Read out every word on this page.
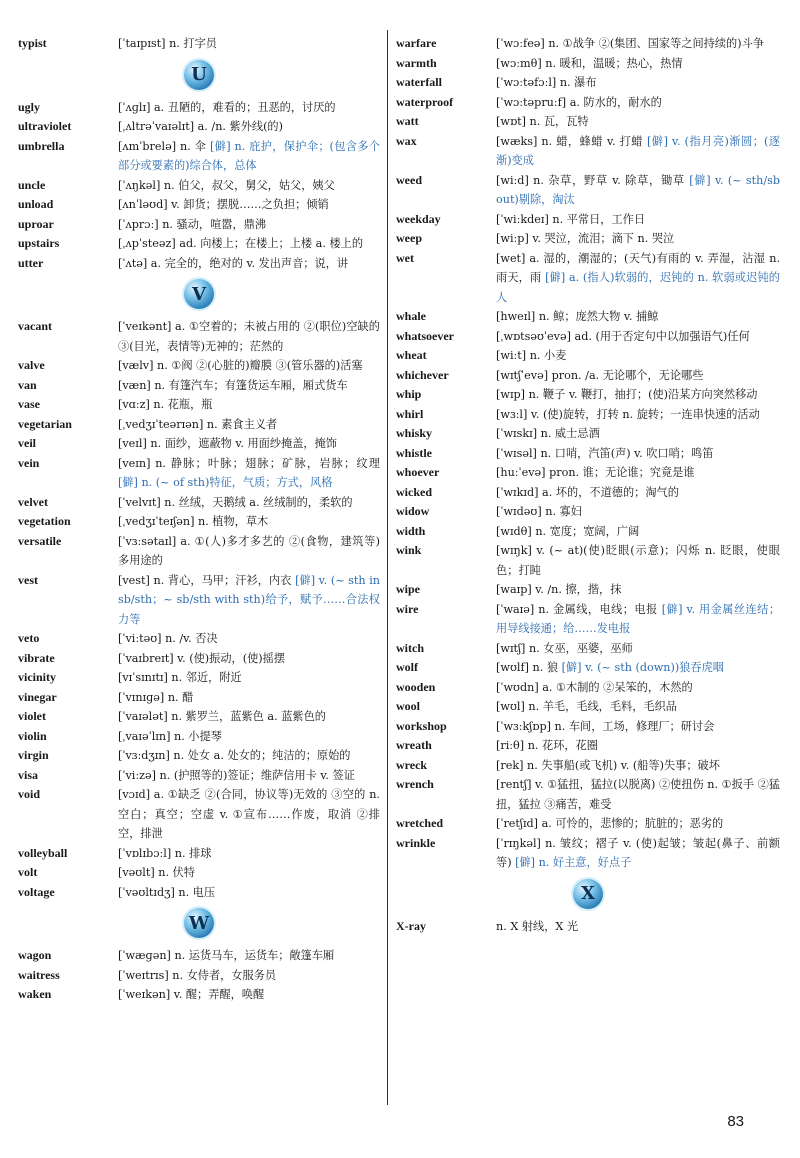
typist	[ˈtaɪpɪst] n. 打字员
U
ugly	[ˈʌɡlɪ] a. 丑陋的，难看的；丑恶的，讨厌的
ultraviolet	[ˌʌltrəˈvaɪəlɪt] a. /n. 紫外线(的)
umbrella	[ʌmˈbrelə] n. 伞 [僻] n. 庇护，保护伞；(包含多个部分或要素的)综合体，总体
uncle	[ˈʌŋkəl] n. 伯父，叔父，舅父，姑父，姨父
unload	[ʌnˈləʊd] v. 卸货；摆脱……之负担；倾销
uproar	[ˈʌprɔː] n. 骚动，喧嚣，鼎沸
upstairs	[ˌʌpˈsteəz] ad. 向楼上；在楼上；上楼 a. 楼上的
utter	[ˈʌtə] a. 完全的，绝对的 v. 发出声音；说，讲
V
vacant	[ˈveɪkənt] a. ①空着的；未被占用的 ②(职位)空缺的 ③(目光，表情等)无神的；茫然的
valve	[vælv] n. ①阀 ②(心脏的)瓣膜 ③(管乐器的)活塞
van	[væn] n. 有篷汽车；有篷货运车厢，厢式货车
vase	[vɑːz] n. 花瓶，瓶
vegetarian	[ˌvedʒɪˈteərɪən] n. 素食主义者
veil	[veɪl] n. 面纱，遮蔽物 v. 用面纱掩盖，掩饰
vein	[veɪn] n. 静脉；叶脉；翅脉；矿脉，岩脉；纹理 [僻] n. (~ of sth)特征，气质；方式，风格
velvet	[ˈvelvɪt] n. 丝绒，天鹅绒 a. 丝绒制的，柔软的
vegetation	[ˌvedʒɪˈteɪʃən] n. 植物，草木
versatile	[ˈvɜːsətaɪl] a. ①(人)多才多艺的 ②(食物，建筑等)多用途的
vest	[vest] n. 背心，马甲；汗衫，内衣 [僻] v. (~ sth in sb/sth；~ sb/sth with sth)给予，赋予……合法权力等
veto	[ˈviːtəʊ] n. /v. 否决
vibrate	[ˈvaɪbreɪt] v. (使)振动，(使)摇摆
vicinity	[vɪˈsɪnɪtɪ] n. 邻近，附近
vinegar	[ˈvɪnɪɡə] n. 醋
violet	[ˈvaɪələt] n. 紫罗兰，蓝紫色 a. 蓝紫色的
violin	[ˌvaɪəˈlɪn] n. 小提琴
virgin	[ˈvɜːdʒɪn] n. 处女 a. 处女的；纯洁的；原始的
visa	[ˈviːzə] n. (护照等的)签证；维萨信用卡 v. 签证
void	[vɔɪd] a. ①缺乏 ②(合同，协议等)无效的 ③空的 n. 空白；真空；空虚 v. ①宣布……作废，取消 ②排空，排泄
volleyball	[ˈvɒlɪbɔːl] n. 排球
volt	[vəʊlt] n. 伏特
voltage	[ˈvəʊltɪdʒ] n. 电压
W
wagon	[ˈwæɡən] n. 运货马车，运货车；敞篷车厢
waitress	[ˈweɪtrɪs] n. 女侍者，女服务员
waken	[ˈweɪkən] v. 醒；弄醒，唤醒
warfare	[ˈwɔːfeə] n. ①战争 ②(集团、国家等之间持续的)斗争
warmth	[wɔːmθ] n. 暖和，温暖；热心，热情
waterfall	[ˈwɔːtəfɔːl] n. 瀑布
waterproof	[ˈwɔːtəpruːf] a. 防水的，耐水的
watt	[wɒt] n. 瓦，瓦特
wax	[wæks] n. 蜡，蜂蜡 v. 打蜡 [僻] v. (指月亮)渐圆；(逐渐)变成
weed	[wiːd] n. 杂草，野草 v. 除草，锄草 [僻] v. (~ sth/sb out)剔除，淘汰
weekday	[ˈwiːkdeɪ] n. 平常日，工作日
weep	[wiːp] v. 哭泣，流泪；滴下 n. 哭泣
wet	[wet] a. 湿的，潮湿的；(天气)有雨的 v. 弄湿，沾湿 n. 雨天，雨 [僻] a. (指人)软弱的，迟钝的 n. 软弱或迟钝的人
whale	[hweɪl] n. 鲸；庞然大物 v. 捕鲸
whatsoever	[ˌwɒtsəʊˈevə] ad. (用于否定句中以加强语气)任何
wheat	[wiːt] n. 小麦
whichever	[wɪtʃˈevə] pron. /a. 无论哪个，无论哪些
whip	[wɪp] n. 鞭子 v. 鞭打，抽打；(使)沿某方向突然移动
whirl	[wɜːl] v. (使)旋转，打转 n. 旋转；一连串快速的活动
whisky	[ˈwɪskɪ] n. 威士忌酒
whistle	[ˈwɪsəl] n. 口哨，汽笛(声) v. 吹口哨；鸣笛
whoever	[huːˈevə] pron. 谁；无论谁；究竟是谁
wicked	[ˈwɪkɪd] a. 坏的，不道德的；淘气的
widow	[ˈwɪdəʊ] n. 寡妇
width	[wɪdθ] n. 宽度；宽阔，广阔
wink	[wɪŋk] v. (~ at)(使)眨眼(示意)；闪烁 n. 眨眼，使眼色；打盹
wipe	[waɪp] v. /n. 擦，揩，抹
wire	[ˈwaɪə] n. 金属线，电线；电报 [僻] v. 用金属丝连结；用导线接通；给……发电报
witch	[wɪtʃ] n. 女巫，巫婆，巫师
wolf	[wʊlf] n. 狼 [僻] v. (~ sth (down))狼吞虎咽
wooden	[ˈwʊdn] a. ①木制的 ②呆笨的，木然的
wool	[wʊl] n. 羊毛，毛线，毛料，毛织品
workshop	[ˈwɜːkʃɒp] n. 车间，工场，修理厂；研讨会
wreath	[riːθ] n. 花环，花圈
wreck	[rek] n. 失事船(或飞机) v. (船等)失事；破坏
wrench	[rentʃ] v. ①猛扭，猛拉(以脱离) ②使扭伤 n. ①扳手 ②猛扭，猛拉 ③痛苦，难受
wretched	[ˈretʃɪd] a. 可怜的，悲惨的；肮脏的；恶劣的
wrinkle	[ˈrɪŋkəl] n. 皱纹；褶子 v. (使)起皱；皱起(鼻子、前额等) [僻] n. 好主意，好点子
X
X-ray	n. X 射线，X 光
83
